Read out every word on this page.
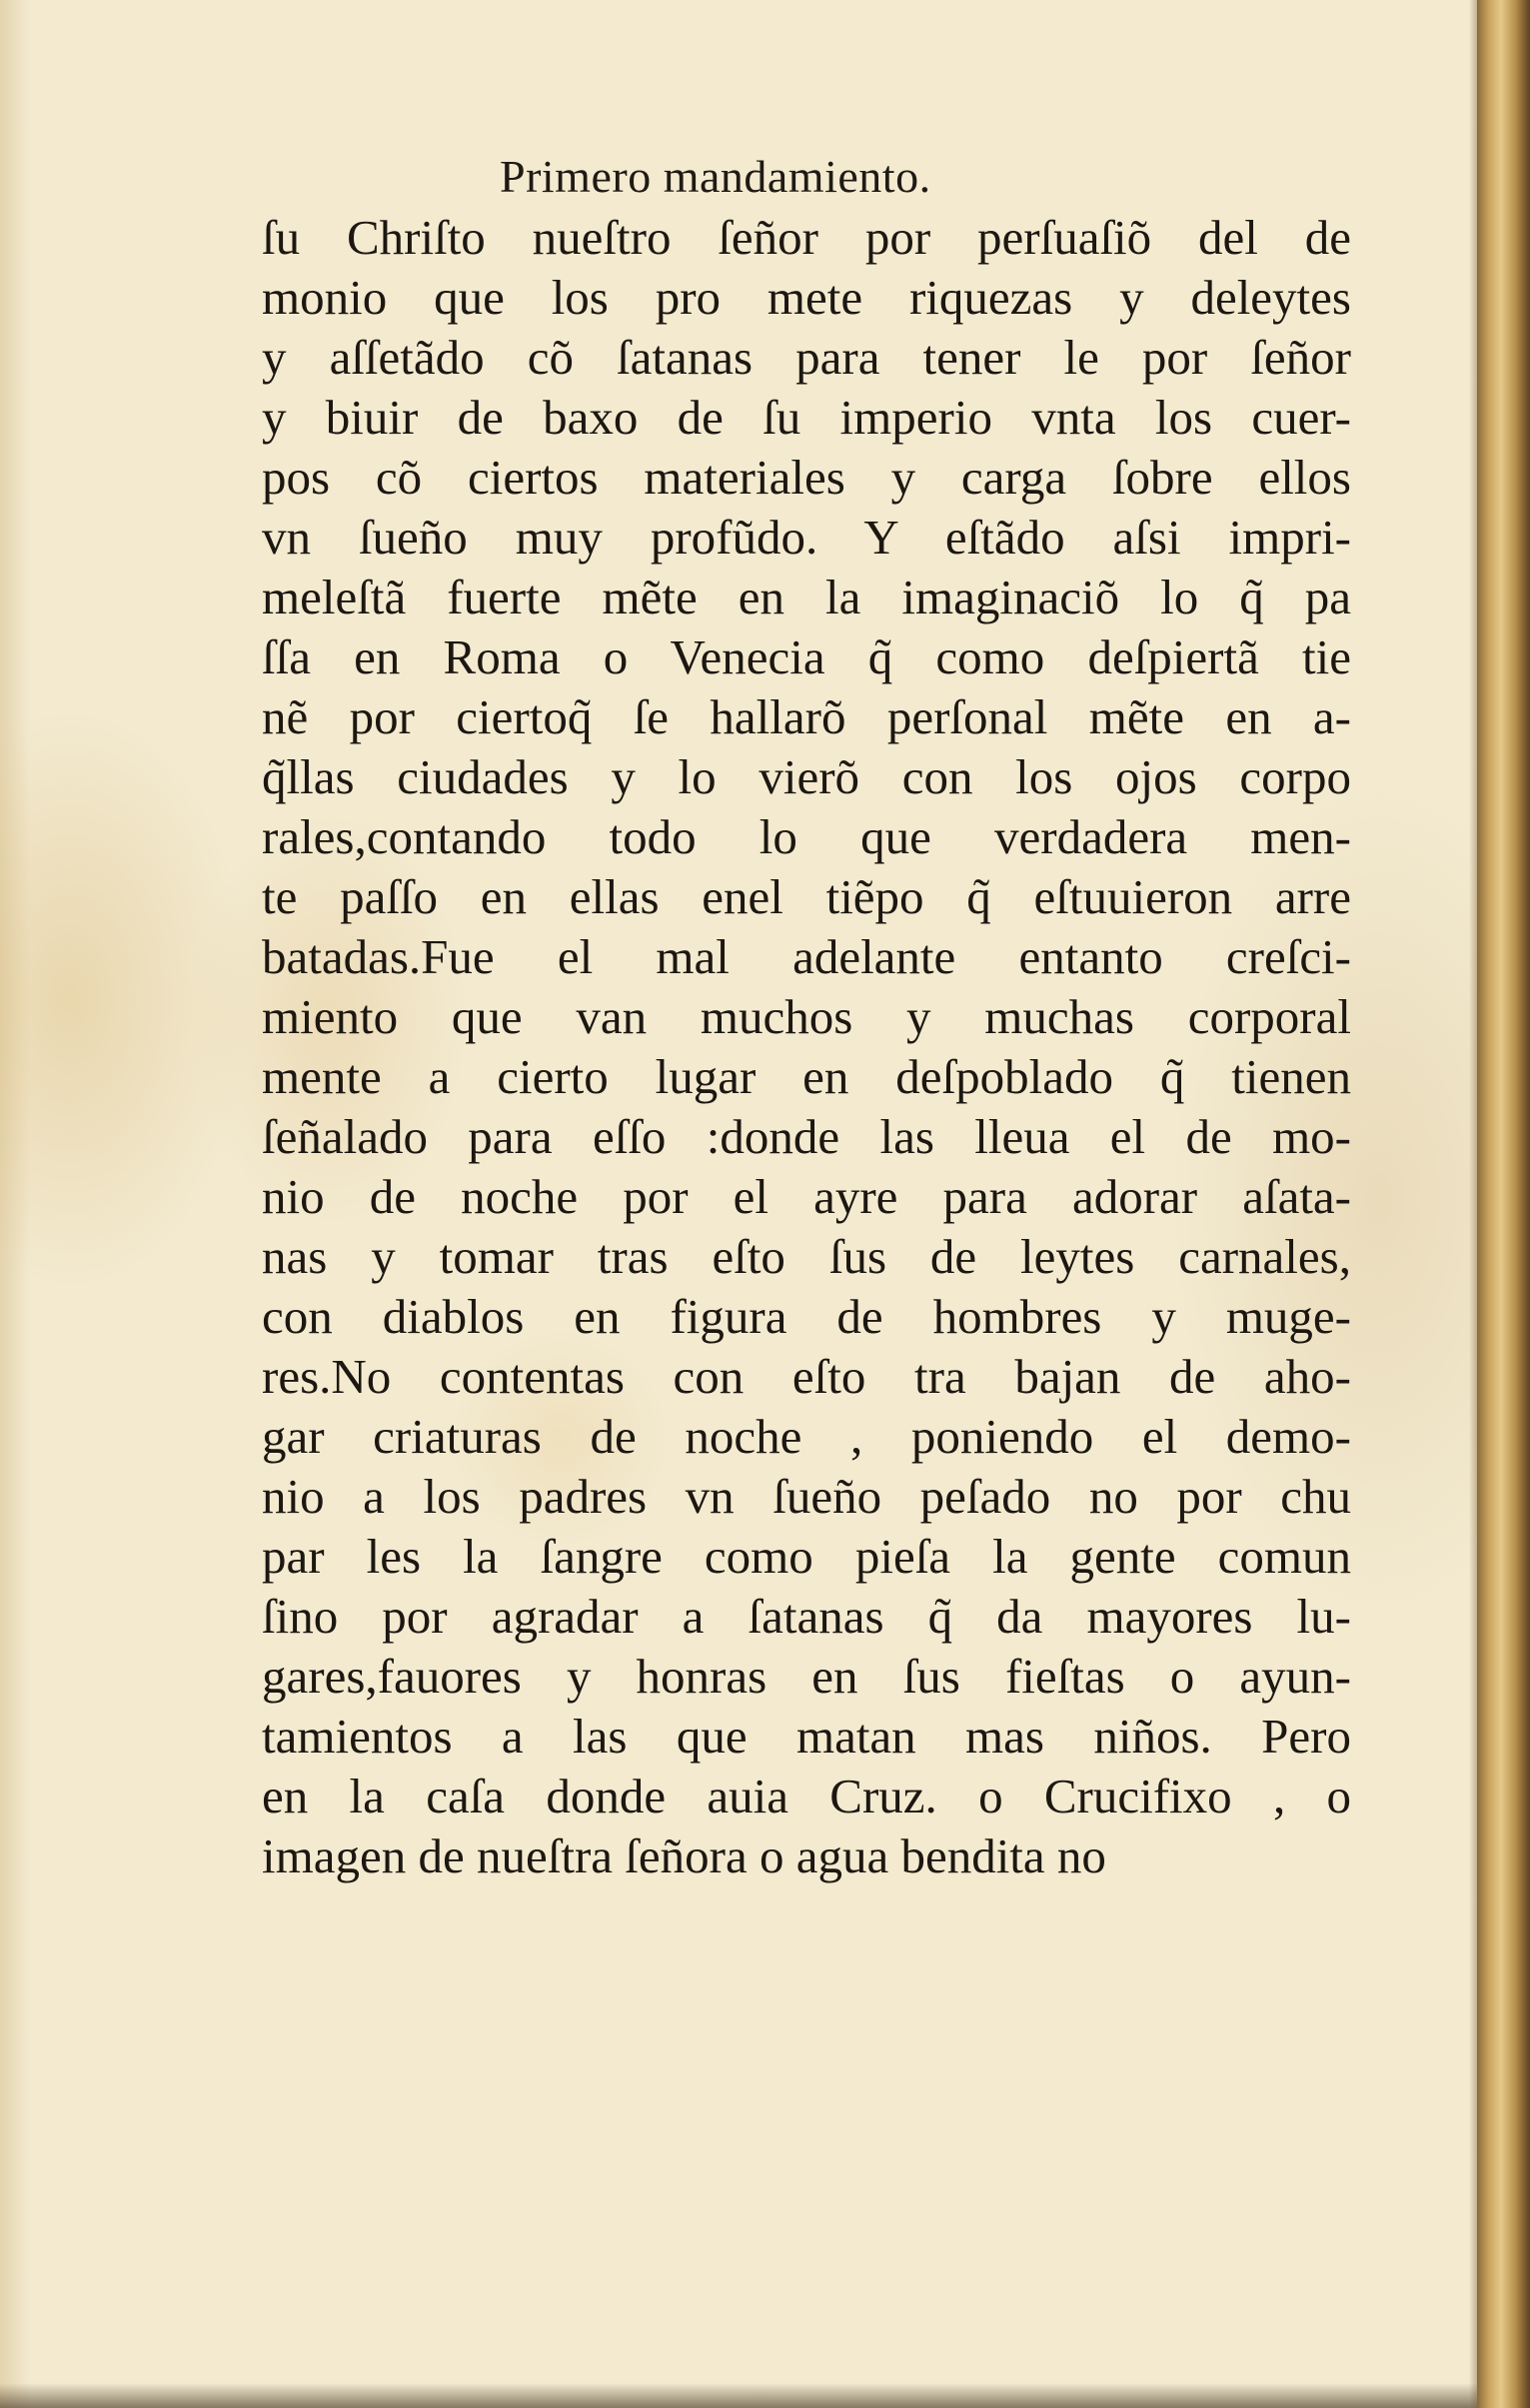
Primero mandamiento.
ſu Chriſto nueſtro ſeñor por perſuaſiõ del de
monio que los pro mete riquezas y deleytes
y aſſetãdo cõ ſatanas para tener le por ſeñor
y biuir de baxo de ſu imperio vnta los cuer-
pos cõ ciertos materiales y carga ſobre ellos
vn ſueño muy profũdo. Y eſtãdo aſsi impri-
meleſtã fuerte mẽte en la imaginaciõ lo q̃ pa
ſſa en Roma o Venecia q̃ como deſpiertã tie
nẽ por ciertoq̃ ſe hallarõ perſonal mẽte en a-
q̃llas ciudades y lo vierõ con los ojos corpo
rales,contando todo lo que verdadera men-
te paſſo en ellas enel tiẽpo q̃ eſtuuieron arre
batadas.Fue el mal adelante entanto creſci-
miento que van muchos y muchas corporal
mente a cierto lugar en deſpoblado q̃ tienen
ſeñalado para eſſo :donde las lleua el de mo-
nio de noche por el ayre para adorar aſata-
nas y tomar tras eſto ſus de leytes carnales,
con diablos en figura de hombres y muge-
res.No contentas con eſto tra bajan de aho-
gar criaturas de noche , poniendo el demo-
nio a los padres vn ſueño peſado no por chu
par les la ſangre como pieſa la gente comun
ſino por agradar a ſatanas q̃ da mayores lu-
gares,fauores y honras en ſus fieſtas o ayun-
tamientos a las que matan mas niños. Pero
en la caſa donde auia Cruz. o Crucifixo , o
imagen de nueſtra ſeñora o agua bendita no
